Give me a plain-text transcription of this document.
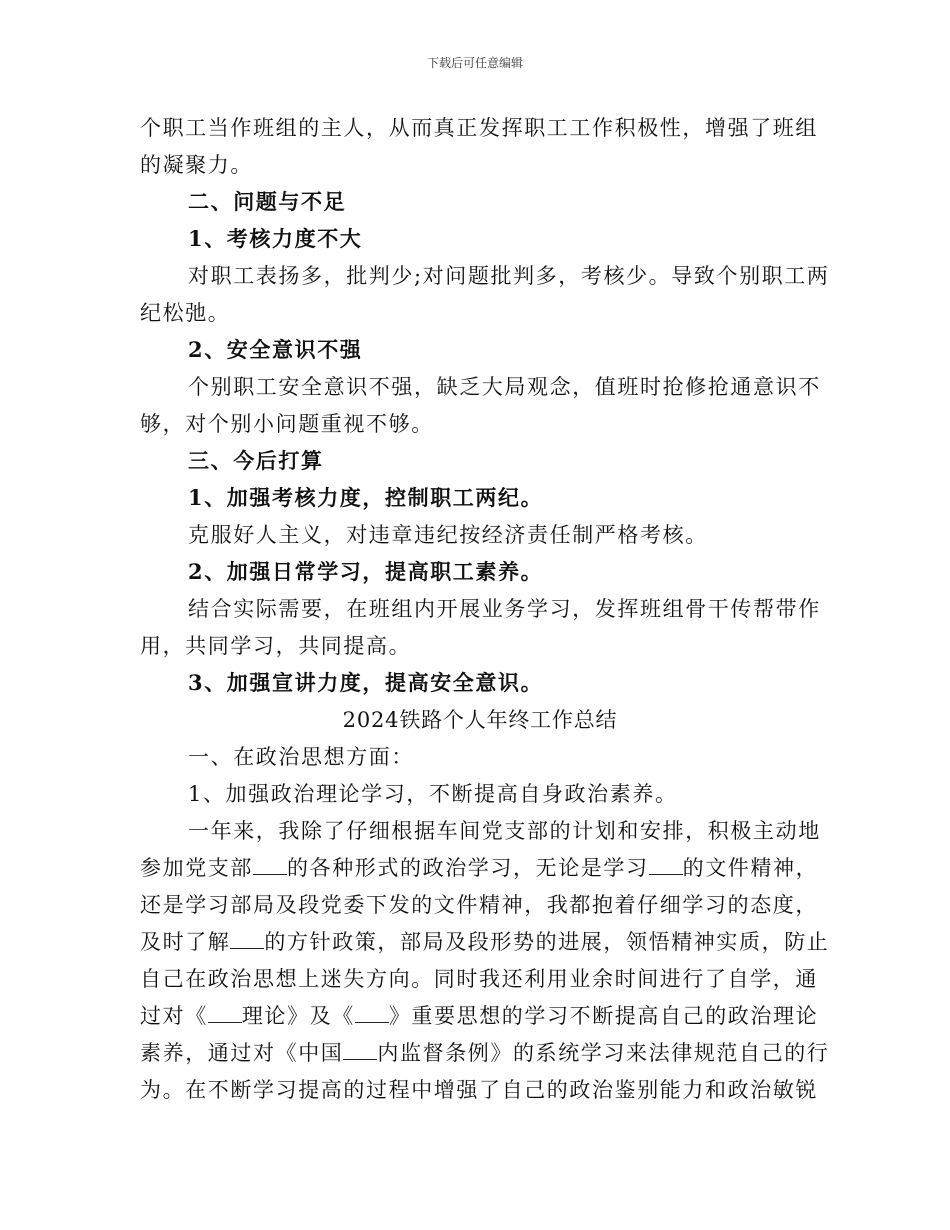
下载后可任意编辑
个职工当作班组的主人，从而真正发挥职工工作积极性，增强了班组
的凝聚力。
二、问题与不足
1、考核力度不大
对职工表扬多，批判少;对问题批判多，考核少。导致个别职工两
纪松弛。
2、安全意识不强
个别职工安全意识不强，缺乏大局观念，值班时抢修抢通意识不
够，对个别小问题重视不够。
三、今后打算
1、加强考核力度，控制职工两纪。
克服好人主义，对违章违纪按经济责任制严格考核。
2、加强日常学习，提高职工素养。
结合实际需要，在班组内开展业务学习，发挥班组骨干传帮带作
用，共同学习，共同提高。
3、加强宣讲力度，提高安全意识。
2024铁路个人年终工作总结
一、在政治思想方面：
1、加强政治理论学习，不断提高自身政治素养。
一年来，我除了仔细根据车间党支部的计划和安排，积极主动地
参加党支部 的各种形式的政治学习，无论是学习 的文件精神，
还是学习部局及段党委下发的文件精神，我都抱着仔细学习的态度，
及时了解 的方针政策，部局及段形势的进展，领悟精神实质，防止
自己在政治思想上迷失方向。同时我还利用业余时间进行了自学，通
过对《 理论》及《 》重要思想的学习不断提高自己的政治理论
素养，通过对《中国 内监督条例》的系统学习来法律规范自己的行
为。在不断学习提高的过程中增强了自己的政治鉴别能力和政治敏锐
